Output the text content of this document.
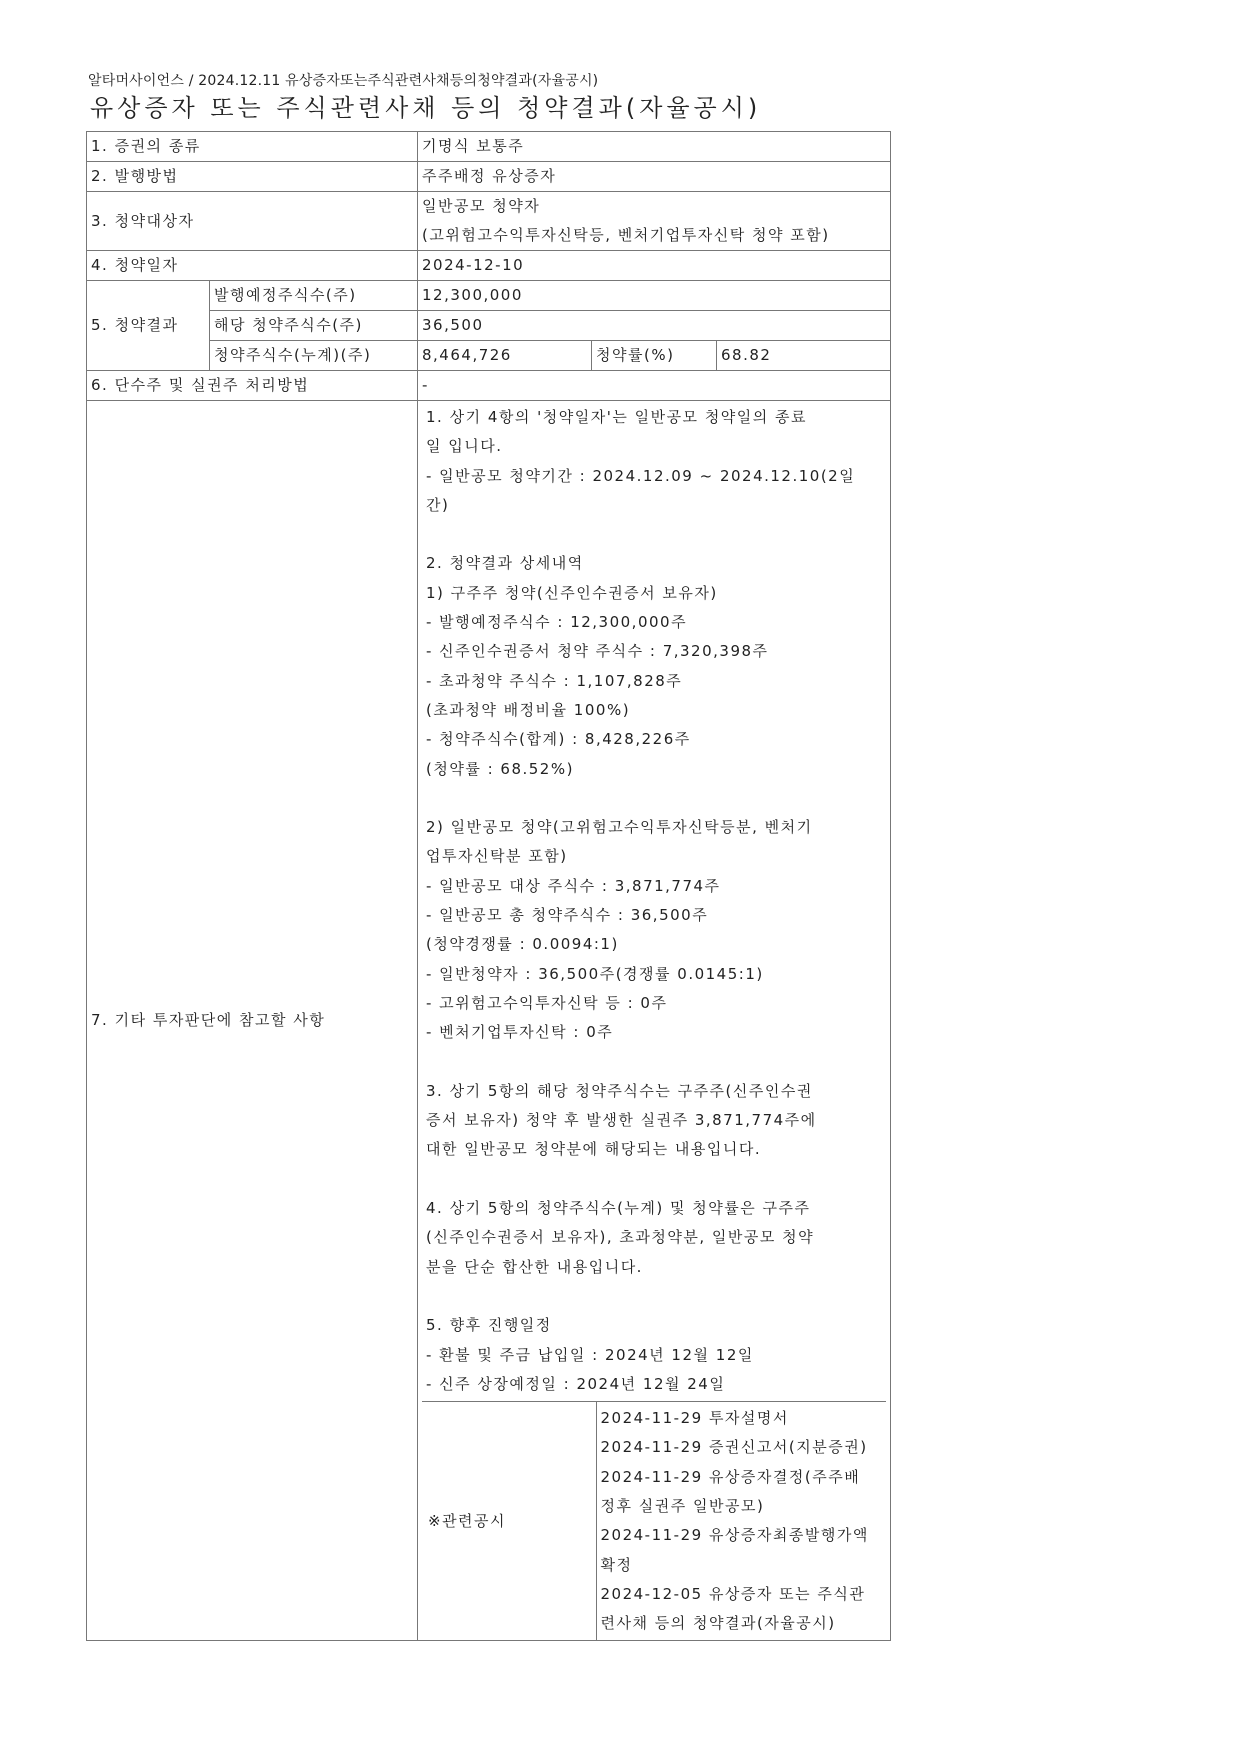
알타머사이언스 / 2024.12.11 유상증자또는주식관련사채등의청약결과(자율공시)
유상증자 또는 주식관련사채 등의 청약결과(자율공시)
1. 증권의 종류	기명식 보통주
2. 발행방법	주주배정 유상증자
3. 청약대상자	일반공모 청약자
(고위험고수익투자신탁등, 벤처기업투자신탁 청약 포함)
4. 청약일자	2024-12-10
5. 청약결과	발행예정주식수(주)	12,300,000
해당 청약주식수(주)	36,500
청약주식수(누계)(주)	8,464,726	청약률(%)	68.82
6. 단수주 및 실권주 처리방법	-
7. 기타 투자판단에 참고할 사항	
1. 상기 4항의 '청약일자'는 일반공모 청약일의 종료
일 입니다.
- 일반공모 청약기간 : 2024.12.09 ~ 2024.12.10(2일
간)
2. 청약결과 상세내역
1) 구주주 청약(신주인수권증서 보유자)
- 발행예정주식수 : 12,300,000주
- 신주인수권증서 청약 주식수 : 7,320,398주
- 초과청약 주식수 : 1,107,828주
(초과청약 배정비율 100%)
- 청약주식수(합계) : 8,428,226주
(청약률 : 68.52%)
2) 일반공모 청약(고위험고수익투자신탁등분, 벤처기
업투자신탁분 포함)
- 일반공모 대상 주식수 : 3,871,774주
- 일반공모 총 청약주식수 : 36,500주
(청약경쟁률 : 0.0094:1)
- 일반청약자 : 36,500주(경쟁률 0.0145:1)
- 고위험고수익투자신탁 등 : 0주
- 벤처기업투자신탁 : 0주
3. 상기 5항의 해당 청약주식수는 구주주(신주인수권
증서 보유자) 청약 후 발생한 실권주 3,871,774주에
대한 일반공모 청약분에 해당되는 내용입니다.
4. 상기 5항의 청약주식수(누계) 및 청약률은 구주주
(신주인수권증서 보유자), 초과청약분, 일반공모 청약
분을 단순 합산한 내용입니다.
5. 향후 진행일정
- 환불 및 주금 납입일 : 2024년 12월 12일
- 신주 상장예정일 : 2024년 12월 24일
※관련공시	
2024-11-29 투자설명서
2024-11-29 증권신고서(지분증권)
2024-11-29 유상증자결정(주주배
정후 실권주 일반공모)
2024-11-29 유상증자최종발행가액
확정
2024-12-05 유상증자 또는 주식관
련사채 등의 청약결과(자율공시)
